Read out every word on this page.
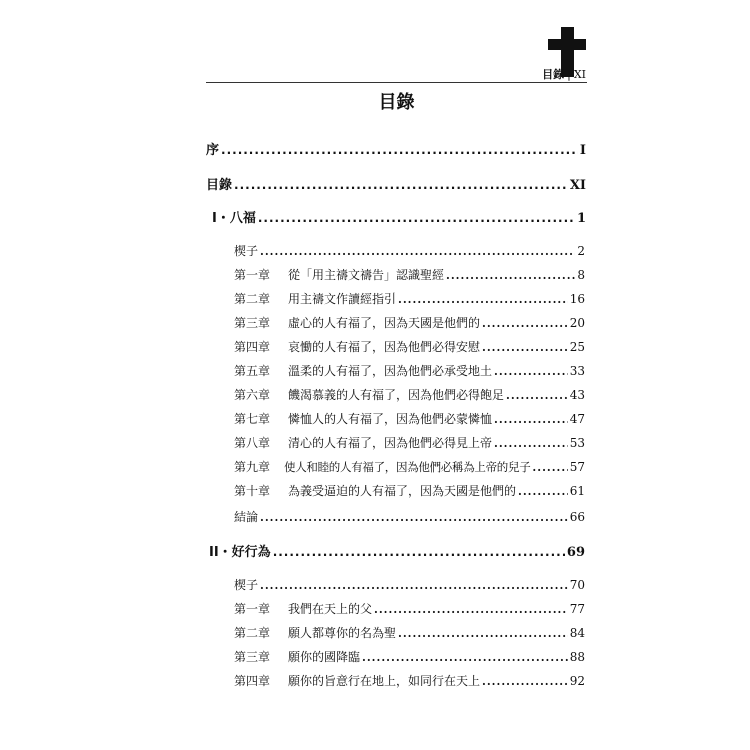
目錄 | XI
目錄
序 .....	I
目錄 .....	XI
I・八福 .....	1
楔子 .....	2
第一章	從「用主禱文禱告」認識聖經 .....	8
第二章	用主禱文作讀經指引 .....	16
第三章	虛心的人有福了，因為天國是他們的 .....	20
第四章	哀慟的人有福了，因為他們必得安慰 .....	25
第五章	溫柔的人有福了，因為他們必承受地土 .....	33
第六章	饑渴慕義的人有福了，因為他們必得飽足 .....	43
第七章	憐恤人的人有福了，因為他們必蒙憐恤 .....	47
第八章	清心的人有福了，因為他們必得見上帝 .....	53
第九章	使人和睦的人有福了，因為他們必稱為上帝的兒子 .....	57
第十章	為義受逼迫的人有福了，因為天國是他們的 .....	61
結論 .....	66
II・好行為 .....	69
楔子 .....	70
第一章	我們在天上的父 .....	77
第二章	願人都尊你的名為聖 .....	84
第三章	願你的國降臨 .....	88
第四章	願你的旨意行在地上，如同行在天上 .....	92
